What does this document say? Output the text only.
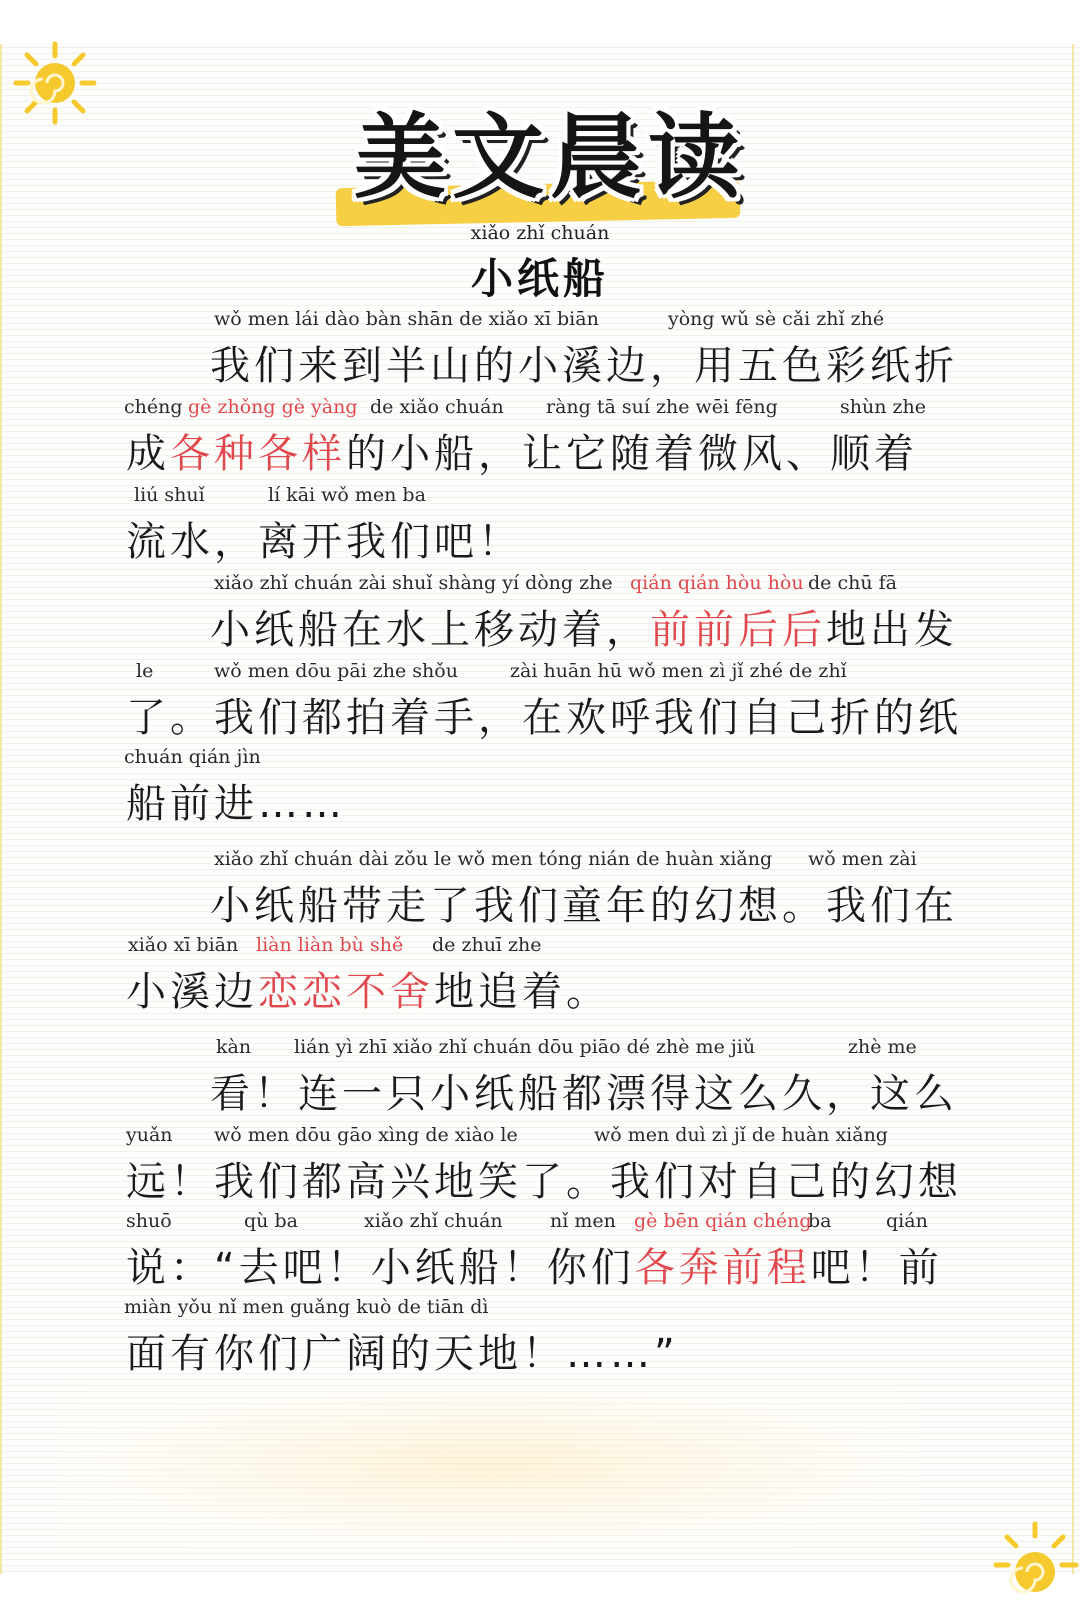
美文晨读
xiǎo zhǐ chuán
小纸船
wǒ men lái dào bàn shān de xiǎo xī biān	yòng wǔ sè cǎi zhǐ zhé
我们来到半山的小溪边，用五色彩纸折
chéng gè zhǒng gè yàng de xiǎo chuán ràng tā suí zhe wēi fēng	shùn zhe
成各种各样的小船，让它随着微风、顺着
liú shuǐ	lí kāi wǒ men ba
流水，离开我们吧！
xiǎo zhǐ chuán zài shuǐ shàng yí dòng zhe qián qián hòu hòu de chū fā
小纸船在水上移动着，前前后后地出发
le	wǒ men dōu pāi zhe shǒu	zài huān hū wǒ men zì jǐ zhé de zhǐ
了。我们都拍着手，在欢呼我们自己折的纸
chuán qián jìn
船前进……
xiǎo zhǐ chuán dài zǒu le wǒ men tóng nián de huàn xiǎng wǒ men zài
小纸船带走了我们童年的幻想。我们在
xiǎo xī biān liàn liàn bù shě de zhuī zhe
小溪边恋恋不舍地追着。
kàn lián yì zhī xiǎo zhǐ chuán dōu piāo dé zhè me jiǔ	zhè me
看！连一只小纸船都漂得这么久，这么
yuǎn wǒ men dōu gāo xìng de xiào le	wǒ men duì zì jǐ de huàn xiǎng
远！我们都高兴地笑了。我们对自己的幻想
shuō	qù ba	xiǎo zhǐ chuán nǐ men gè bēn qián chéng
ba	qián
说：“去吧！小纸船！你们各奔前程吧！前
miàn yǒu nǐ men guǎng kuò de tiān dì
面有你们广阔的天地！……”
